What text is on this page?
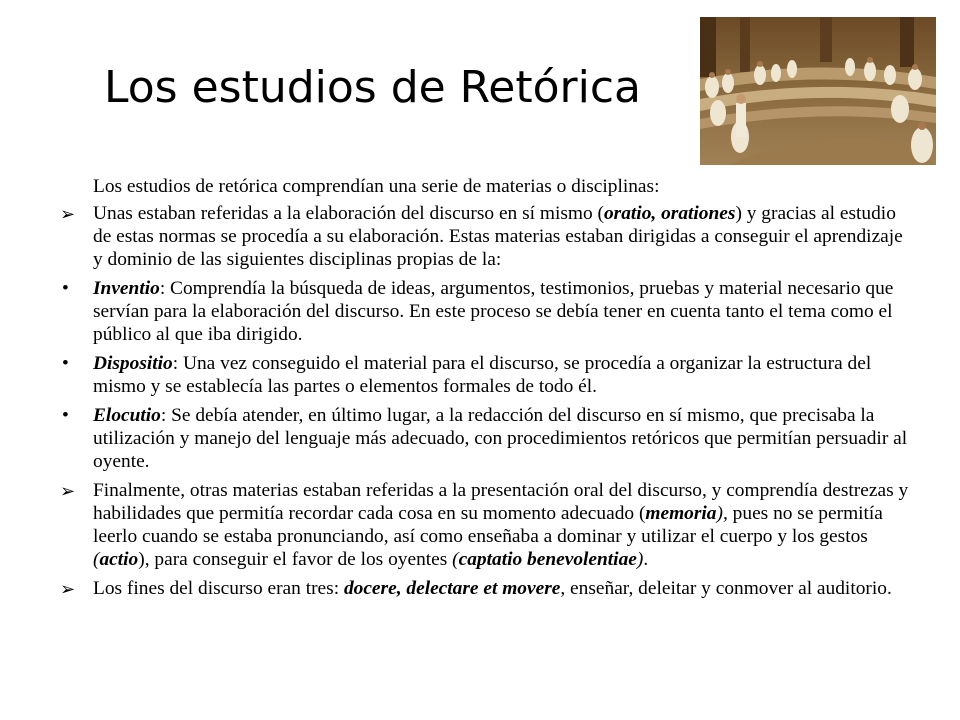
Los estudios de Retórica
Los estudios de retórica comprendían una serie de materias o disciplinas:
➢ Unas estaban referidas a la elaboración del discurso en sí mismo (oratio, orationes) y gracias al estudio de estas normas se procedía a su elaboración. Estas materias estaban dirigidas a conseguir el aprendizaje y dominio de las siguientes disciplinas propias de la:
•	Inventio: Comprendía la búsqueda de ideas, argumentos, testimonios, pruebas y material necesario que servían para la elaboración del discurso. En este proceso se debía tener en cuenta tanto el tema como el público al que iba dirigido.
•	Dispositio: Una vez conseguido el material para el discurso, se procedía a organizar la estructura del mismo y se establecía las partes o elementos formales de todo él.
•	Elocutio: Se debía atender, en último lugar, a la redacción del discurso en sí mismo, que precisaba la utilización y manejo del lenguaje más adecuado, con procedimientos retóricos que permitían persuadir al oyente.
➢ Finalmente, otras materias estaban referidas a la presentación oral del discurso, y comprendía destrezas y habilidades que permitía recordar cada cosa en su momento adecuado (memoria), pues no se permitía leerlo cuando se estaba pronunciando, así como enseñaba a dominar y utilizar el cuerpo y los gestos (actio), para conseguir el favor de los oyentes (captatio benevolentiae).
➢ Los fines del discurso eran tres: docere, delectare et movere, enseñar, deleitar y conmover al auditorio.
